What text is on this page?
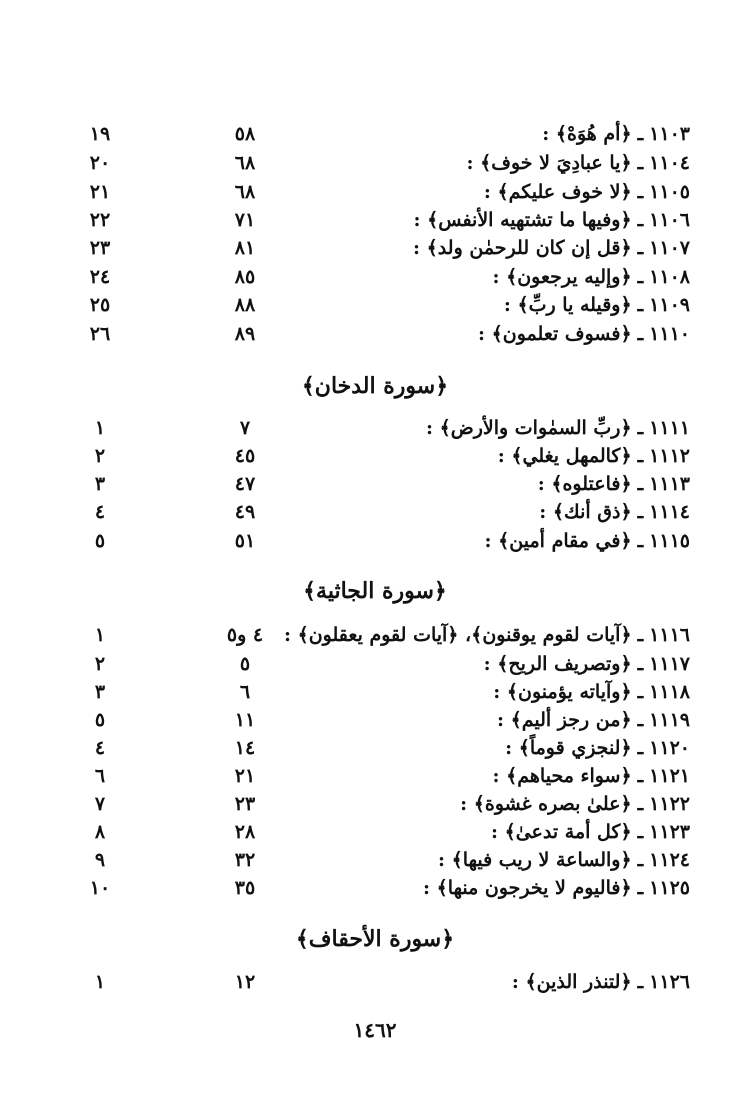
١١٠٣ـ﴿أم هُوَهْ﴾ :
٥٨
١٩
١١٠٤ـ﴿يا عبادِيَ لا خوف﴾ :
٦٨
٢٠
١١٠٥ـ﴿لا خوف عليكم﴾ :
٦٨
٢١
١١٠٦ـ﴿وفيها ما تشتهيه الأنفس﴾ :
٧١
٢٢
١١٠٧ـ﴿قل إن كان للرحمٰن ولد﴾ :
٨١
٢٣
١١٠٨ـ﴿وإليه يرجعون﴾ :
٨٥
٢٤
١١٠٩ـ﴿وقيله يا ربِّ﴾ :
٨٨
٢٥
١١١٠ـ﴿فسوف تعلمون﴾ :
٨٩
٢٦
﴿سورة الدخان﴾
١١١١ـ﴿ربِّ السمٰوات والأرض﴾ :
٧
١
١١١٢ـ﴿كالمهل يغلي﴾ :
٤٥
٢
١١١٣ـ﴿فاعتلوه﴾ :
٤٧
٣
١١١٤ـ﴿ذق أنك﴾ :
٤٩
٤
١١١٥ـ﴿في مقام أمين﴾ :
٥١
٥
﴿سورة الجاثية﴾
١١١٦ـ﴿آيات لقوم يوقنون﴾، ﴿آيات لقوم يعقلون﴾ :
٤ و٥
١
١١١٧ـ﴿وتصريف الريح﴾ :
٥
٢
١١١٨ـ﴿وآياته يؤمنون﴾ :
٦
٣
١١١٩ـ﴿من رجز أليم﴾ :
١١
٥
١١٢٠ـ﴿لنجزي قوماً﴾ :
١٤
٤
١١٢١ـ﴿سواء محياهم﴾ :
٢١
٦
١١٢٢ـ﴿علىٰ بصره غشوة﴾ :
٢٣
٧
١١٢٣ـ﴿كل أمة تدعىٰ﴾ :
٢٨
٨
١١٢٤ـ﴿والساعة لا ريب فيها﴾ :
٣٢
٩
١١٢٥ـ﴿فاليوم لا يخرجون منها﴾ :
٣٥
١٠
﴿سورة الأحقاف﴾
١١٢٦ـ﴿لتنذر الذين﴾ :
١٢
١
١٤٦٢
